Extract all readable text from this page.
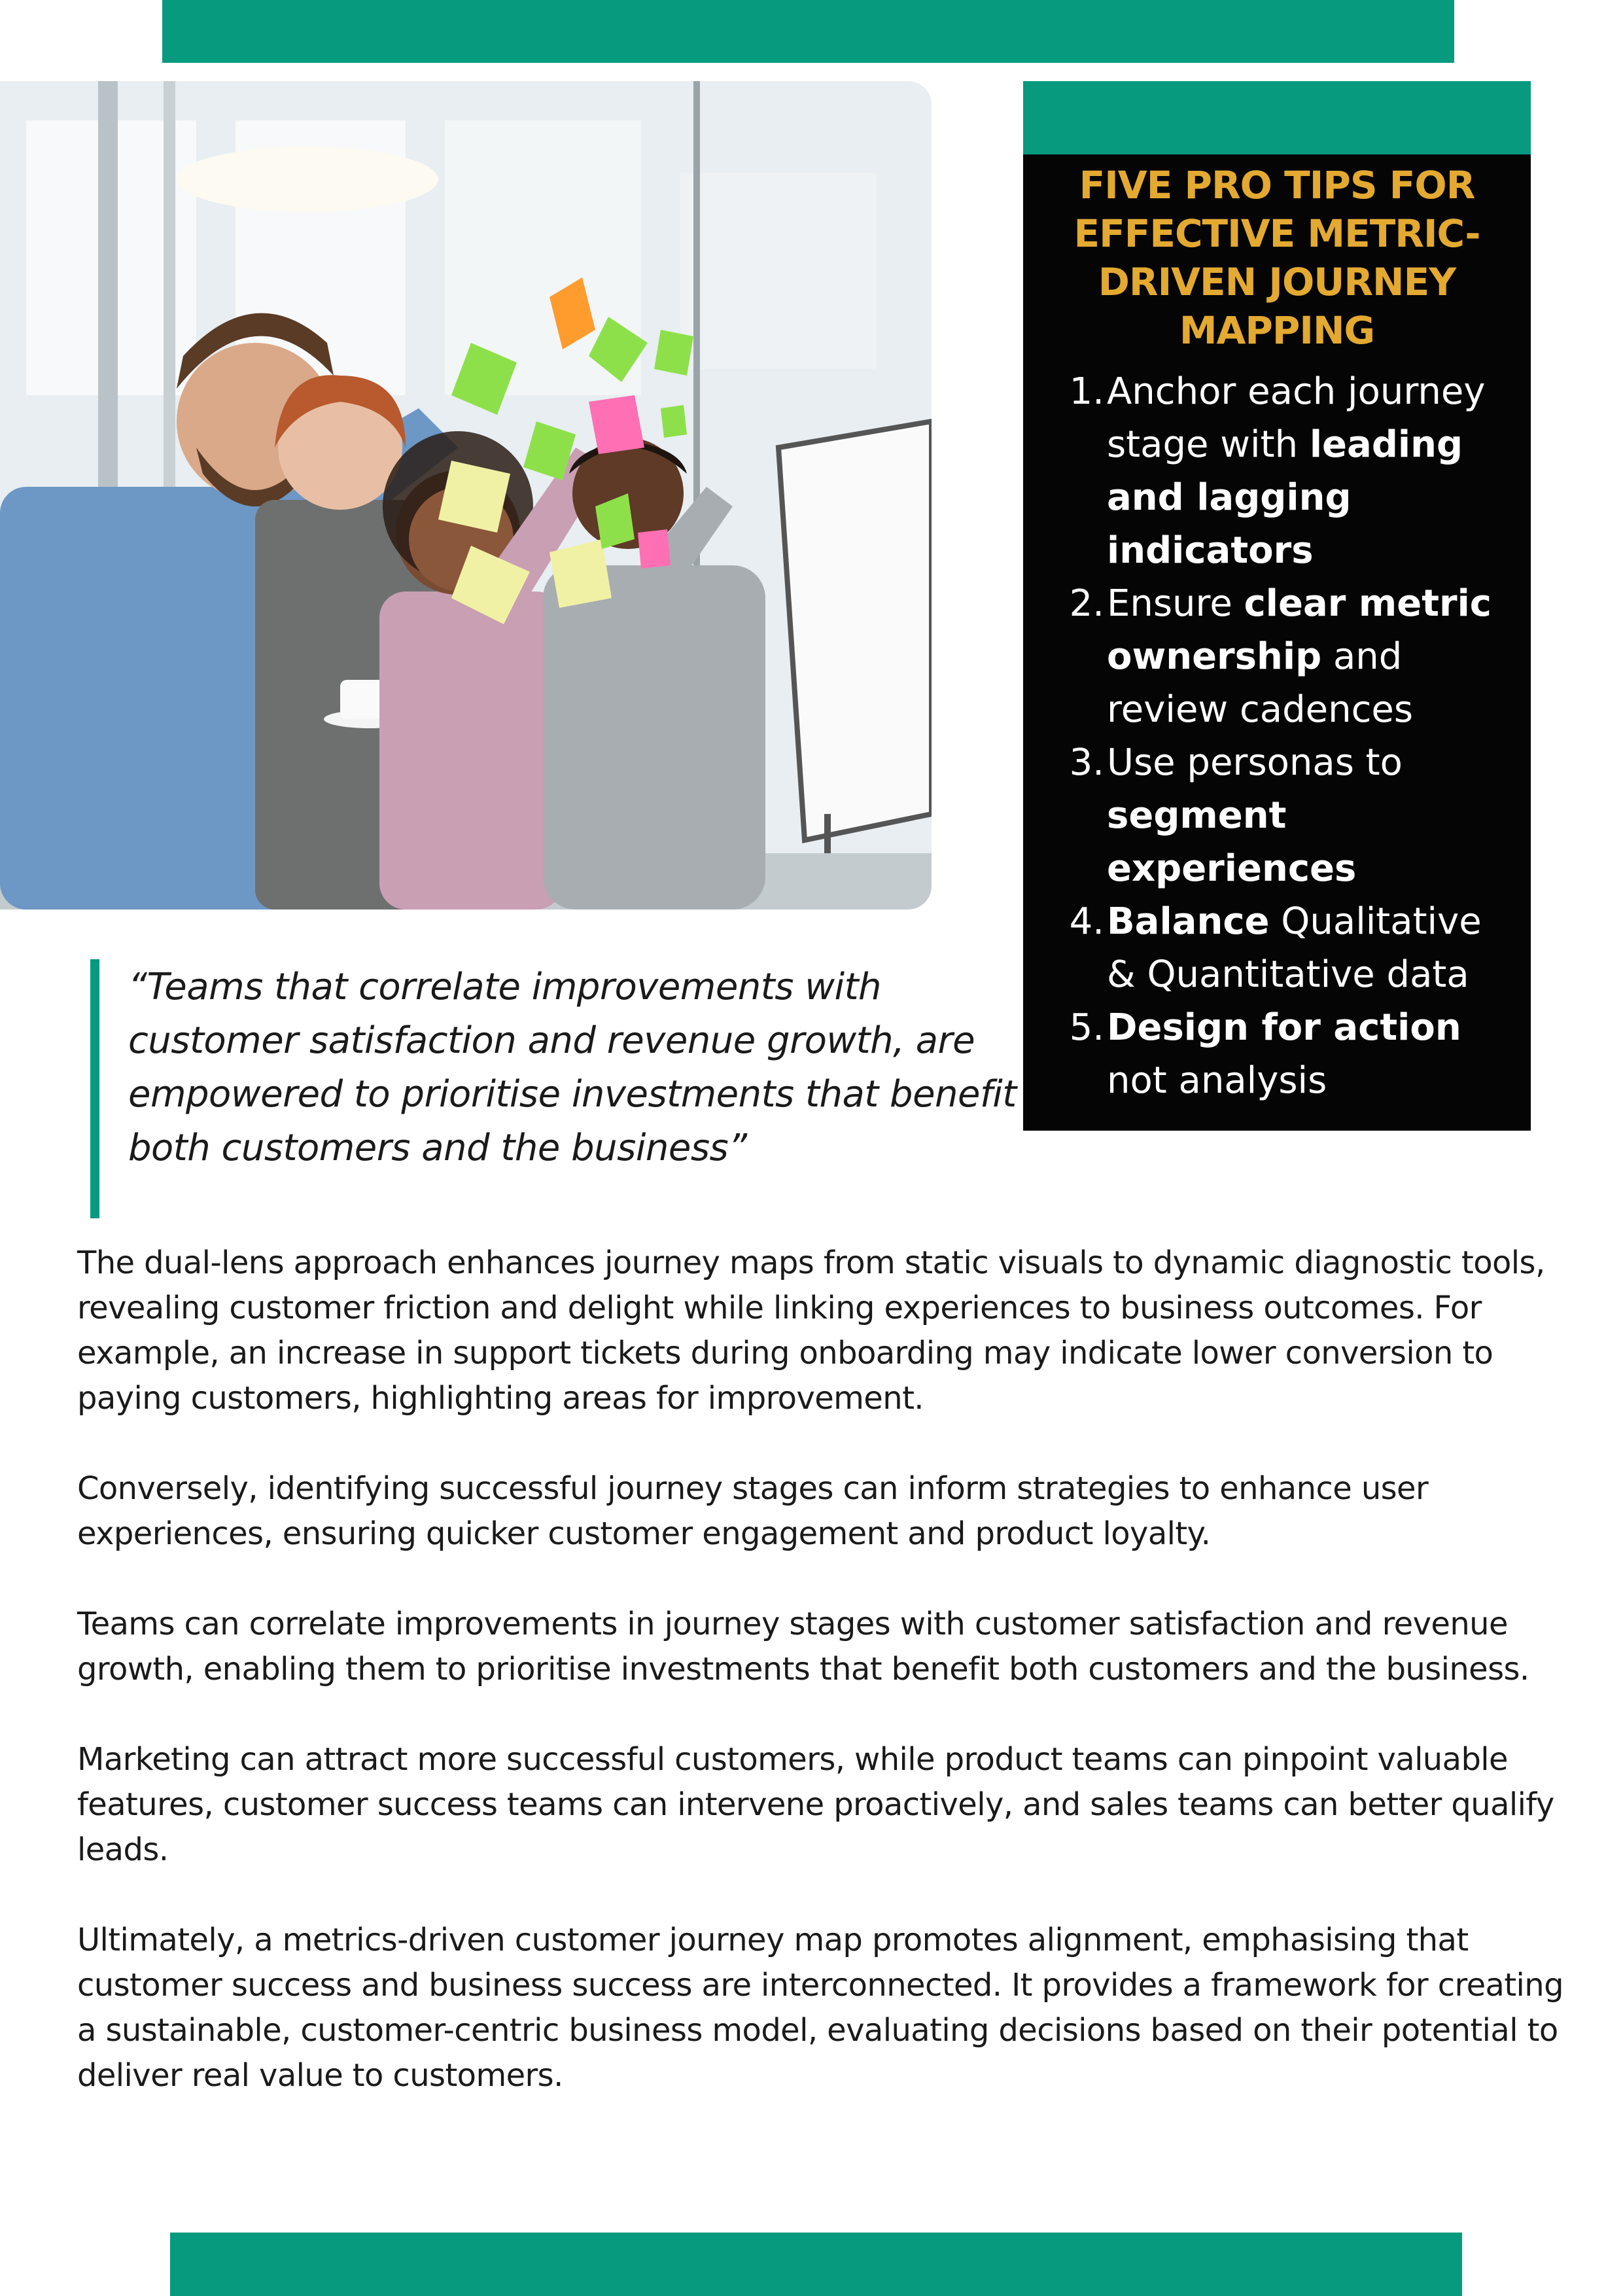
FIVE PRO TIPS FOR EFFECTIVE METRIC-DRIVEN JOURNEY MAPPING
1. Anchor each journey stage with leading and lagging indicators
2. Ensure clear metric ownership and review cadences
3. Use personas to segment experiences
4. Balance Qualitative & Quantitative data
5. Design for action not analysis

“Teams that correlate improvements with customer satisfaction and revenue growth, are empowered to prioritise investments that benefit both customers and the business”

The dual-lens approach enhances journey maps from static visuals to dynamic diagnostic tools, revealing customer friction and delight while linking experiences to business outcomes. For example, an increase in support tickets during onboarding may indicate lower conversion to paying customers, highlighting areas for improvement.

Conversely, identifying successful journey stages can inform strategies to enhance user experiences, ensuring quicker customer engagement and product loyalty.

Teams can correlate improvements in journey stages with customer satisfaction and revenue growth, enabling them to prioritise investments that benefit both customers and the business.

Marketing can attract more successful customers, while product teams can pinpoint valuable features, customer success teams can intervene proactively, and sales teams can better qualify leads.

Ultimately, a metrics-driven customer journey map promotes alignment, emphasising that customer success and business success are interconnected. It provides a framework for creating a sustainable, customer-centric business model, evaluating decisions based on their potential to deliver real value to customers.
